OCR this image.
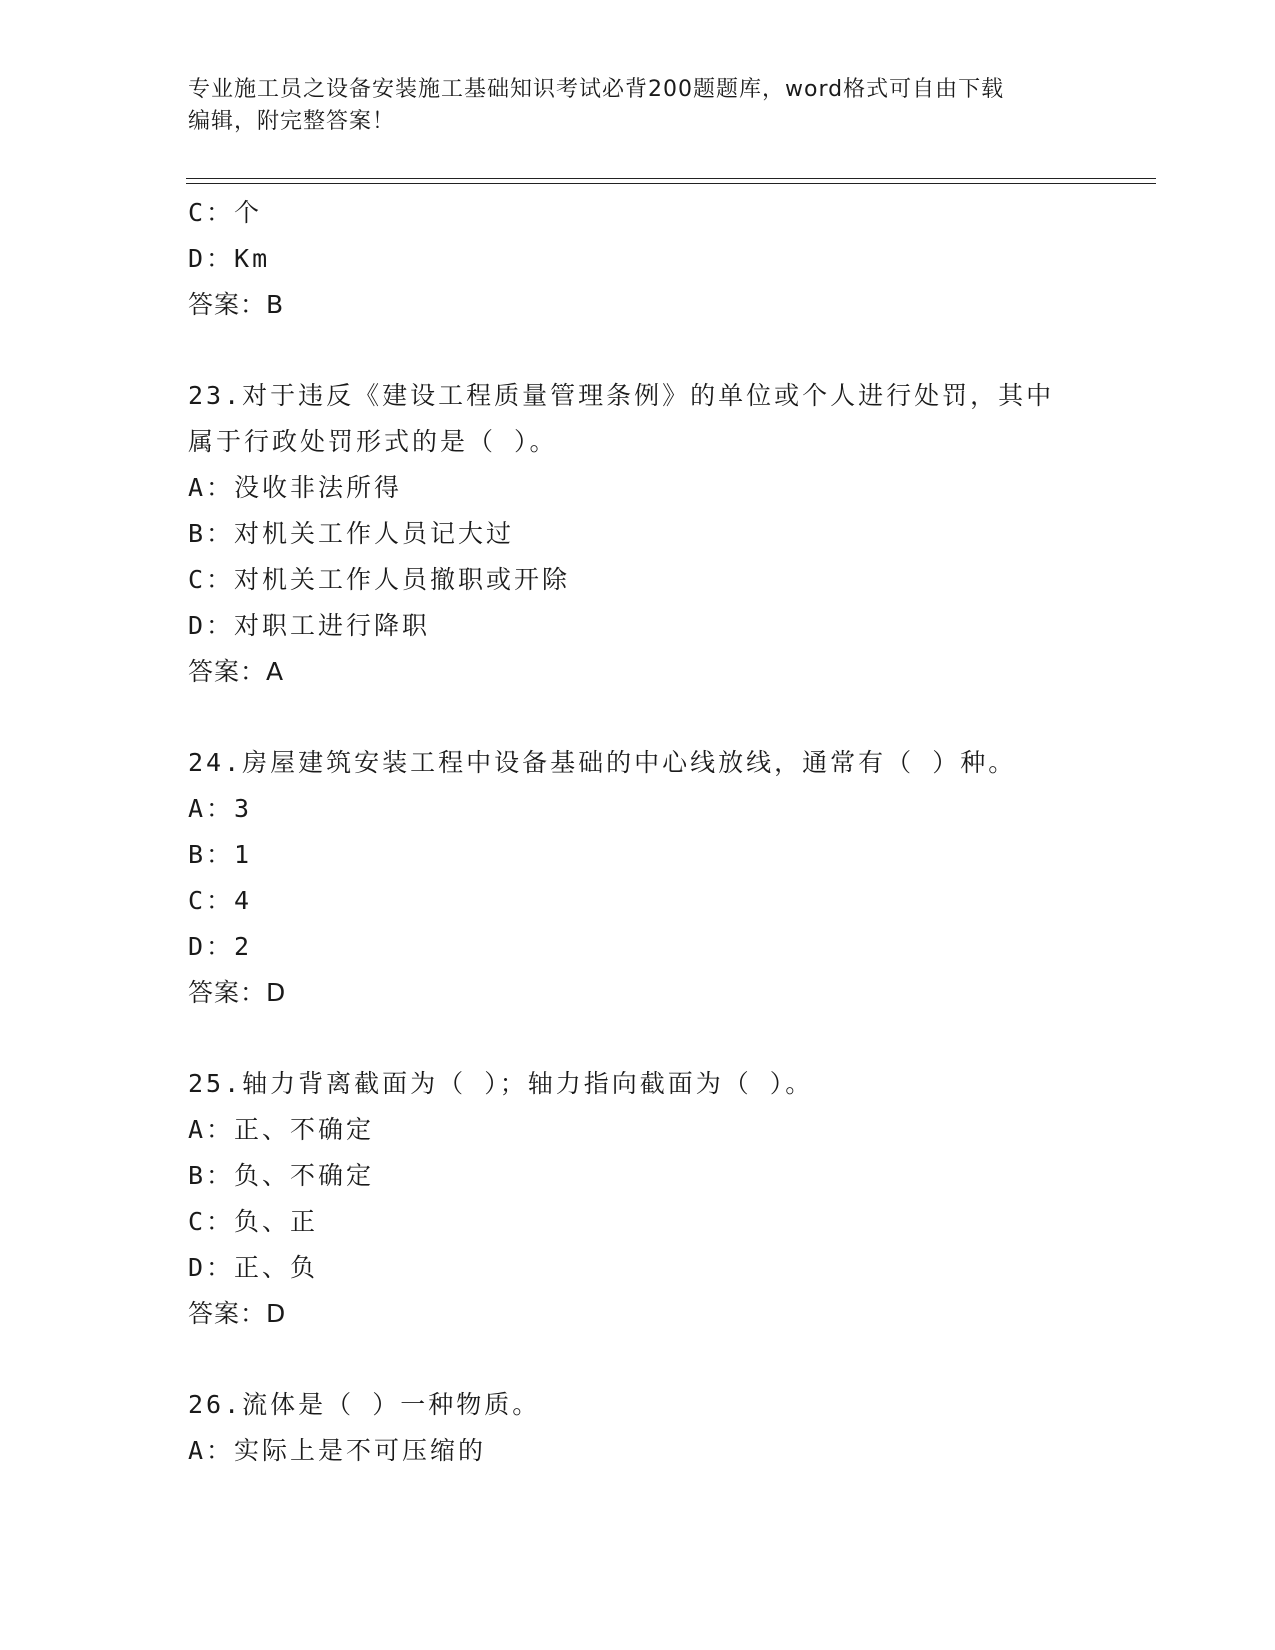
专业施工员之设备安装施工基础知识考试必背200题题库，word格式可自由下载
编辑，附完整答案！
C：个
D：Km
答案：B
23.对于违反《建设工程质量管理条例》的单位或个人进行处罚，其中
属于行政处罚形式的是（ ）。
A：没收非法所得
B：对机关工作人员记大过
C：对机关工作人员撤职或开除
D：对职工进行降职
答案：A
24.房屋建筑安装工程中设备基础的中心线放线，通常有（ ）种。
A：3
B：1
C：4
D：2
答案：D
25.轴力背离截面为（ ）；轴力指向截面为（ ）。
A：正、不确定
B：负、不确定
C：负、正
D：正、负
答案：D
26.流体是（ ）一种物质。
A：实际上是不可压缩的
